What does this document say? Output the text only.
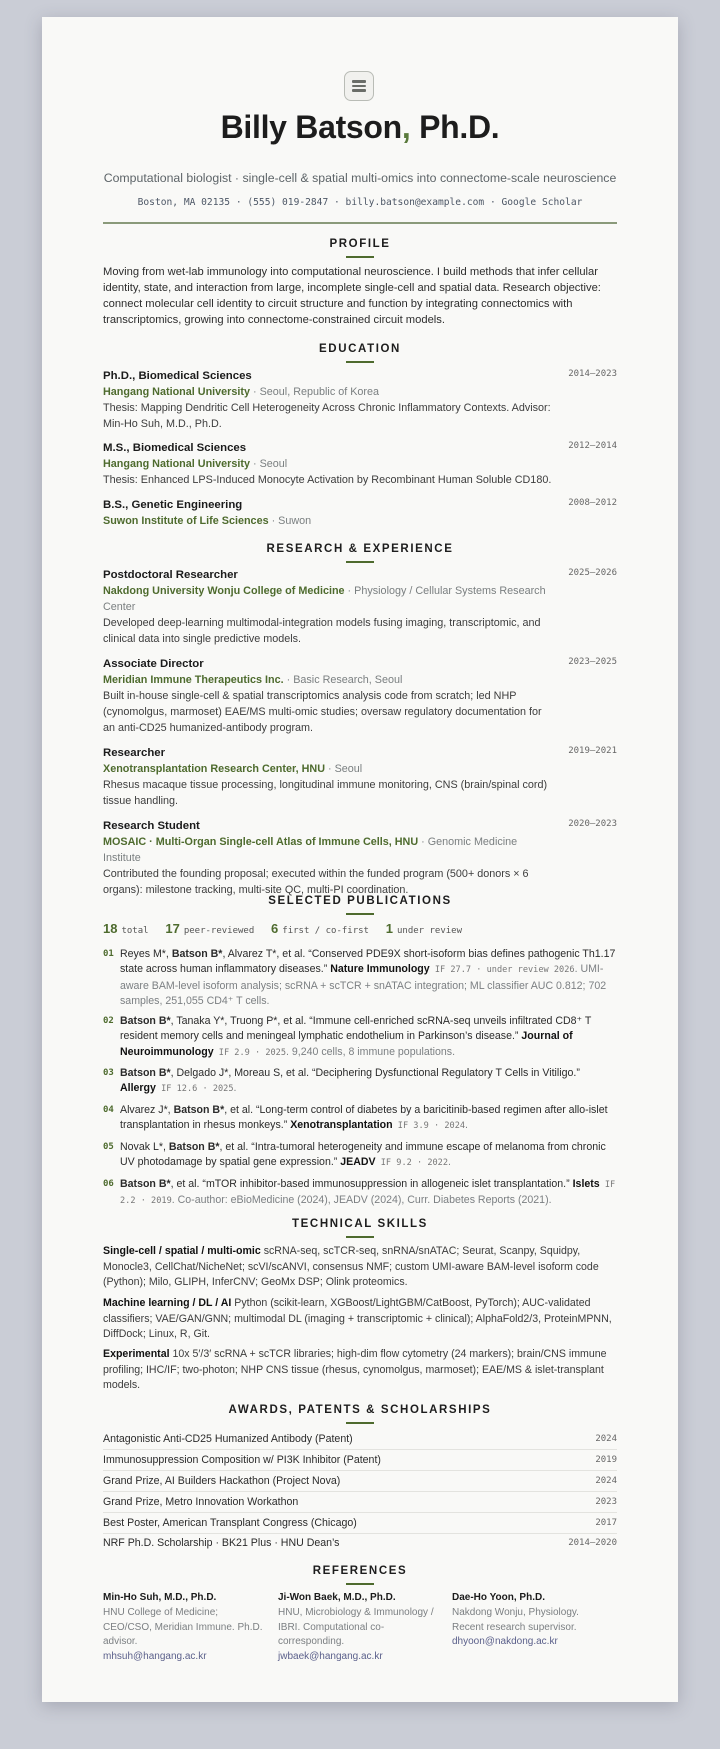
Billy Batson, Ph.D.
Computational biologist · single-cell & spatial multi-omics into connectome-scale neuroscience
Boston, MA 02135 · (555) 019-2847 · billy.batson@example.com · Google Scholar
PROFILE
Moving from wet-lab immunology into computational neuroscience. I build methods that infer cellular identity, state, and interaction from large, incomplete single-cell and spatial data. Research objective: connect molecular cell identity to circuit structure and function by integrating connectomics with transcriptomics, growing into connectome-constrained circuit models.
EDUCATION
Ph.D., Biomedical Sciences	2014–2023
Hangang National University · Seoul, Republic of Korea
Thesis: Mapping Dendritic Cell Heterogeneity Across Chronic Inflammatory Contexts. Advisor: Min-Ho Suh, M.D., Ph.D.
M.S., Biomedical Sciences	2012–2014
Hangang National University · Seoul
Thesis: Enhanced LPS-Induced Monocyte Activation by Recombinant Human Soluble CD180.
B.S., Genetic Engineering	2008–2012
Suwon Institute of Life Sciences · Suwon
RESEARCH & EXPERIENCE
Postdoctoral Researcher	2025–2026
Nakdong University Wonju College of Medicine · Physiology / Cellular Systems Research Center
Developed deep-learning multimodal-integration models fusing imaging, transcriptomic, and clinical data into single predictive models.
Associate Director	2023–2025
Meridian Immune Therapeutics Inc. · Basic Research, Seoul
Built in-house single-cell & spatial transcriptomics analysis code from scratch; led NHP (cynomolgus, marmoset) EAE/MS multi-omic studies; oversaw regulatory documentation for an anti-CD25 humanized-antibody program.
Researcher	2019–2021
Xenotransplantation Research Center, HNU · Seoul
Rhesus macaque tissue processing, longitudinal immune monitoring, CNS (brain/spinal cord) tissue handling.
Research Student	2020–2023
MOSAIC · Multi-Organ Single-cell Atlas of Immune Cells, HNU · Genomic Medicine Institute
Contributed the founding proposal; executed within the funded program (500+ donors × 6 organs): milestone tracking, multi-site QC, multi-PI coordination.
SELECTED PUBLICATIONS
18 total 17 peer-reviewed 6 first / co-first 1 under review
01 Reyes M*, Batson B*, Alvarez T*, et al. “Conserved PDE9X short-isoform bias defines pathogenic Th1.17 state across human inflammatory diseases.” Nature Immunology IF 27.7 · under review 2026. UMI-aware BAM-level isoform analysis; scRNA + scTCR + snATAC integration; ML classifier AUC 0.812; 702 samples, 251,055 CD4⁺ T cells.
02 Batson B*, Tanaka Y*, Truong P*, et al. “Immune cell-enriched scRNA-seq unveils infiltrated CD8⁺ T resident memory cells and meningeal lymphatic endothelium in Parkinson’s disease.” Journal of Neuroimmunology IF 2.9 · 2025. 9,240 cells, 8 immune populations.
03 Batson B*, Delgado J*, Moreau S, et al. “Deciphering Dysfunctional Regulatory T Cells in Vitiligo.” Allergy IF 12.6 · 2025.
04 Alvarez J*, Batson B*, et al. “Long-term control of diabetes by a baricitinib-based regimen after allo-islet transplantation in rhesus monkeys.” Xenotransplantation IF 3.9 · 2024.
05 Novak L*, Batson B*, et al. “Intra-tumoral heterogeneity and immune escape of melanoma from chronic UV photodamage by spatial gene expression.” JEADV IF 9.2 · 2022.
06 Batson B*, et al. “mTOR inhibitor-based immunosuppression in allogeneic islet transplantation.” Islets IF 2.2 · 2019. Co-author: eBioMedicine (2024), JEADV (2024), Curr. Diabetes Reports (2021).
TECHNICAL SKILLS
Single-cell / spatial / multi-omic scRNA-seq, scTCR-seq, snRNA/snATAC; Seurat, Scanpy, Squidpy, Monocle3, CellChat/NicheNet; scVI/scANVI, consensus NMF; custom UMI-aware BAM-level isoform code (Python); Milo, GLIPH, InferCNV; GeoMx DSP; Olink proteomics.
Machine learning / DL / AI Python (scikit-learn, XGBoost/LightGBM/CatBoost, PyTorch); AUC-validated classifiers; VAE/GAN/GNN; multimodal DL (imaging + transcriptomic + clinical); AlphaFold2/3, ProteinMPNN, DiffDock; Linux, R, Git.
Experimental 10x 5′/3′ scRNA + scTCR libraries; high-dim flow cytometry (24 markers); brain/CNS immune profiling; IHC/IF; two-photon; NHP CNS tissue (rhesus, cynomolgus, marmoset); EAE/MS & islet-transplant models.
AWARDS, PATENTS & SCHOLARSHIPS
Antagonistic Anti-CD25 Humanized Antibody (Patent)	2024
Immunosuppression Composition w/ PI3K Inhibitor (Patent)	2019
Grand Prize, AI Builders Hackathon (Project Nova)	2024
Grand Prize, Metro Innovation Workathon	2023
Best Poster, American Transplant Congress (Chicago)	2017
NRF Ph.D. Scholarship · BK21 Plus · HNU Dean’s	2014–2020
REFERENCES
Min-Ho Suh, M.D., Ph.D.
HNU College of Medicine; CEO/CSO, Meridian Immune. Ph.D. advisor.
mhsuh@hangang.ac.kr
Ji-Won Baek, M.D., Ph.D.
HNU, Microbiology & Immunology / IBRI. Computational co-corresponding.
jwbaek@hangang.ac.kr
Dae-Ho Yoon, Ph.D.
Nakdong Wonju, Physiology. Recent research supervisor.
dhyoon@nakdong.ac.kr
